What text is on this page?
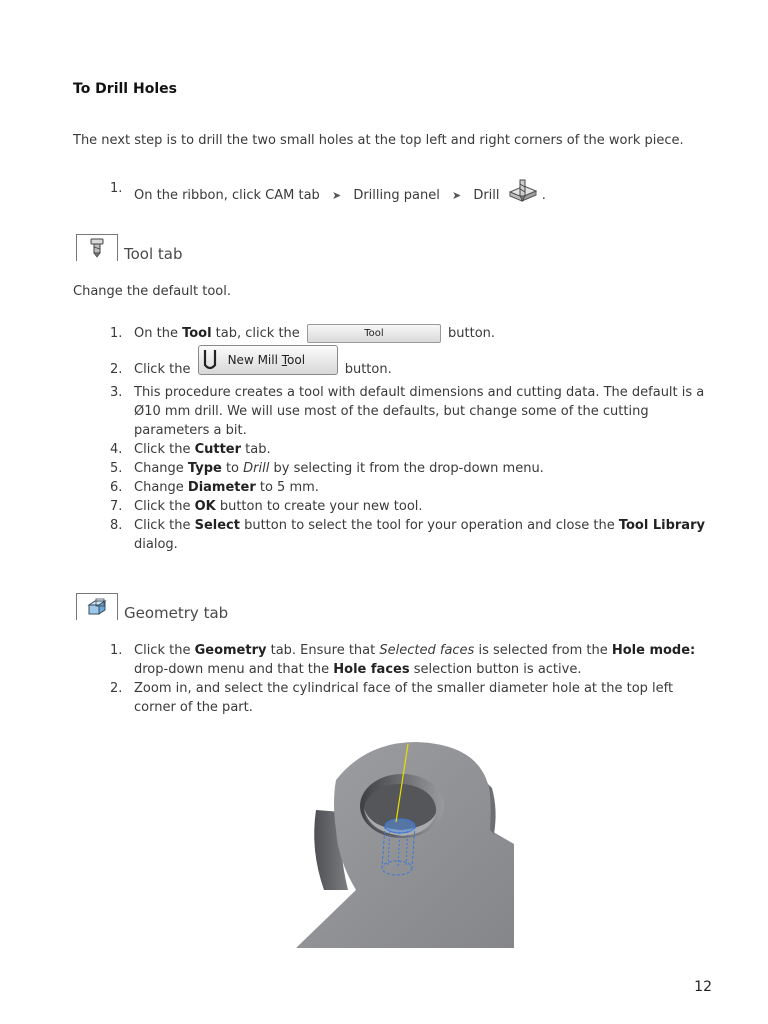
To Drill Holes
The next step is to drill the two small holes at the top left and right corners of the work piece.
1. On the ribbon, click CAM tab ➤ Drilling panel ➤ Drill	.
Tool tab
Change the default tool.
1. On the Tool tab, click the	Tool	button.
2. Click the
New Mill Tool
button.
3. This procedure creates a tool with default dimensions and cutting data. The default is a Ø10 mm drill. We will use most of the defaults, but change some of the cutting parameters a bit.
4. Click the Cutter tab.
5. Change Type to Drill by selecting it from the drop-down menu.
6. Change Diameter to 5 mm.
7. Click the OK button to create your new tool.
8. Click the Select button to select the tool for your operation and close the Tool Library dialog.
Geometry tab
1. Click the Geometry tab. Ensure that Selected faces is selected from the Hole mode: drop-down menu and that the Hole faces selection button is active.
2. Zoom in, and select the cylindrical face of the smaller diameter hole at the top left corner of the part.
12
